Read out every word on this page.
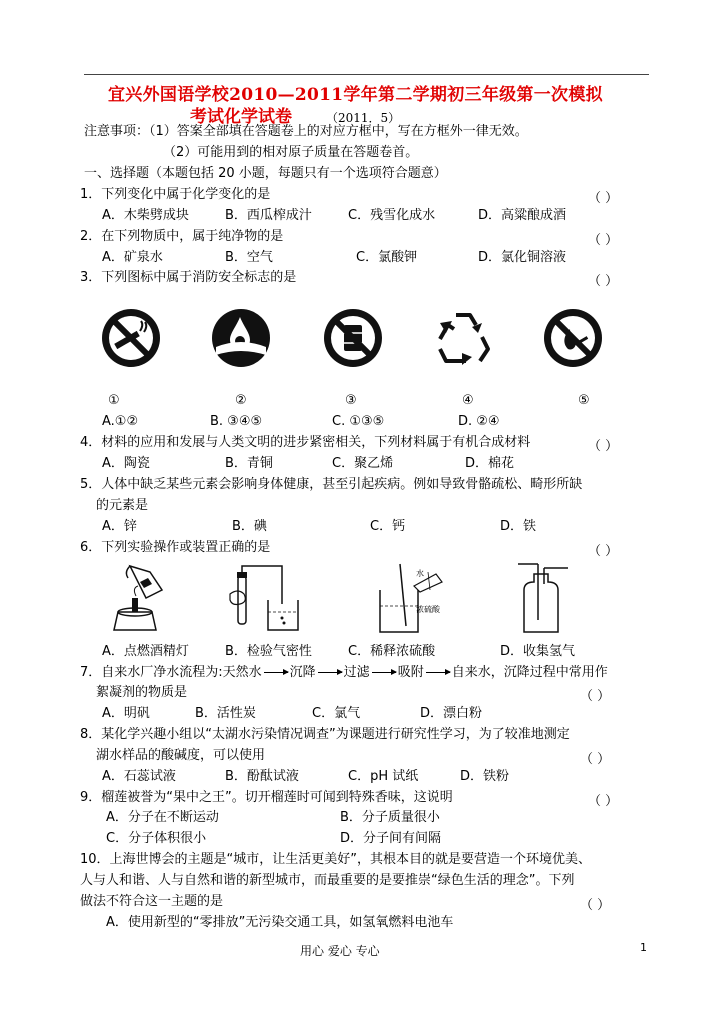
宜兴外国语学校2010—2011学年第二学期初三年级第一次模拟
考试化学试卷	（2011．5）
注意事项：（1）答案全部填在答题卷上的对应方框中，写在方框外一律无效。
（2）可能用到的相对原子质量在答题卷首。
一、选择题（本题包括 20 小题，每题只有一个选项符合题意）
1．下列变化中属于化学变化的是	（ ）
A．木柴劈成块	B．西瓜榨成汁	C．残雪化成水	D．高粱酿成酒
2．在下列物质中，属于纯净物的是	（ ）
A．矿泉水	B．空气	C．氯酸钾	D．氯化铜溶液
3．下列图标中属于消防安全标志的是	（ ）
①	②	③	④	⑤
A.①②	B. ③④⑤	C. ①③⑤	D. ②④
4．材料的应用和发展与人类文明的进步紧密相关，下列材料属于有机合成材料	（ ）
A．陶瓷	B．青铜	C．聚乙烯	D．棉花
5．人体中缺乏某些元素会影响身体健康，甚至引起疾病。例如导致骨骼疏松、畸形所缺
的元素是
A．锌	B．碘	C．钙	D．铁
6．下列实验操作或装置正确的是	（ ）
水
浓硫酸
A．点燃酒精灯	B．检验气密性	C．稀释浓硫酸	D．收集氢气
7．自来水厂净水流程为:天然水 沉降 过滤 吸附 自来水，沉降过程中常用作
絮凝剂的物质是	（ ）
A．明矾	B．活性炭	C．氯气	D．漂白粉
8．某化学兴趣小组以“太湖水污染情况调查”为课题进行研究性学习，为了较准地测定
湖水样品的酸碱度，可以使用	（ ）
A．石蕊试液	B．酚酞试液	C．pH 试纸	D．铁粉
9．榴莲被誉为“果中之王”。切开榴莲时可闻到特殊香味，这说明	（ ）
A．分子在不断运动	B．分子质量很小
C．分子体积很小	D．分子间有间隔
10．上海世博会的主题是“城市，让生活更美好”，其根本目的就是要营造一个环境优美、
人与人和谐、人与自然和谐的新型城市，而最重要的是要推崇“绿色生活的理念”。下列
做法不符合这一主题的是	（ ）
A．使用新型的“零排放”无污染交通工具，如氢氧燃料电池车
用心 爱心 专心	1
